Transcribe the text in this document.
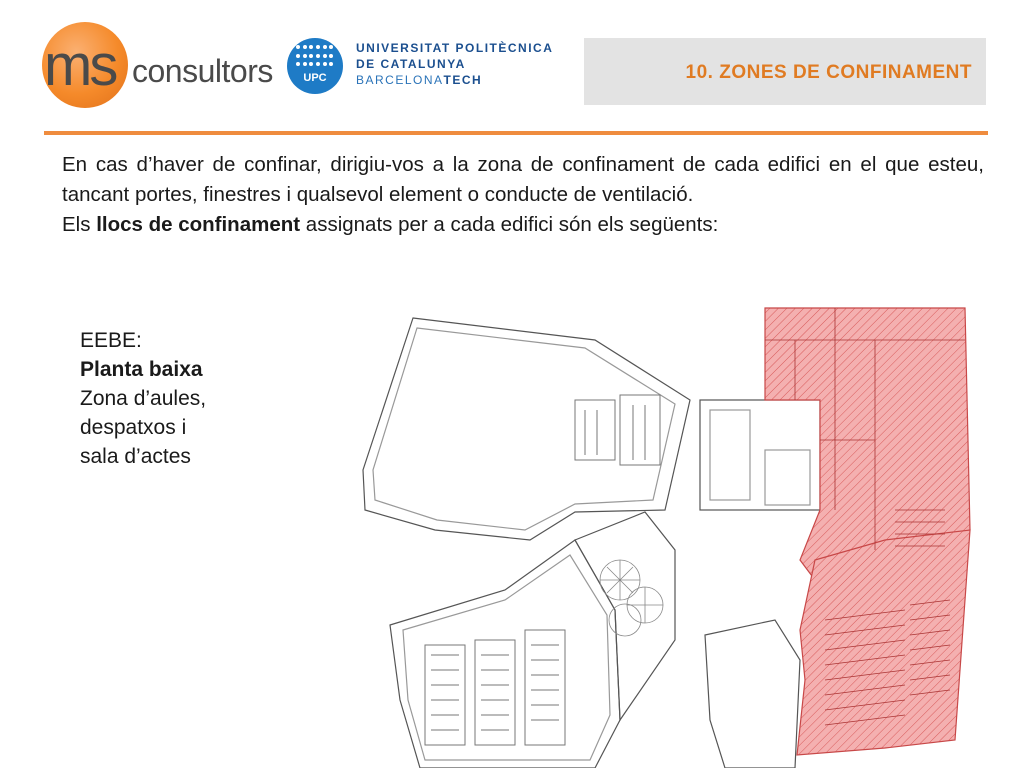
ms consultors	UPC
UNIVERSITAT POLITÈCNICA
DE CATALUNYA
BARCELONATECH	10. ZONES DE CONFINAMENT

En cas d’haver de confinar, dirigiu-vos a la zona de confinament de cada edifici en el que esteu, tancant portes, finestres i qualsevol element o conducte de ventilació.

Els llocs de confinament assignats per a cada edifici són els següents:

EEBE:
Planta baixa
Zona d’aules,
despatxos i
sala d’actes
